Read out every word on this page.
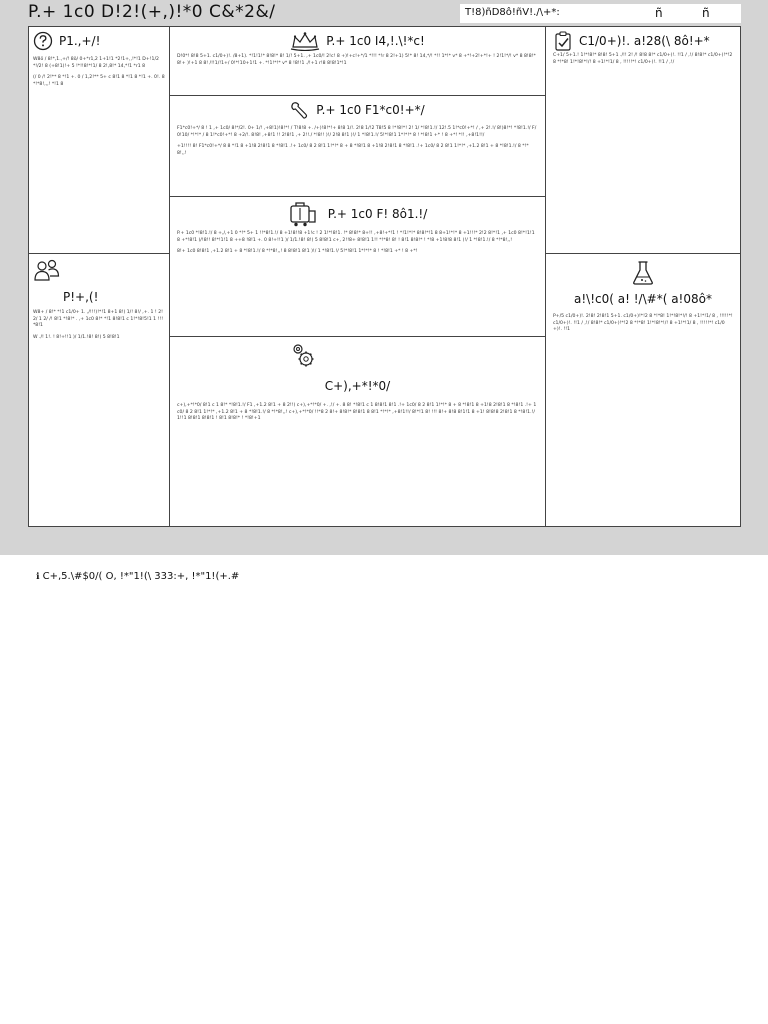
P.+ 1c0 D!2!(+,)!*0 C&*2&/	T!8)ñD8ô!ñV!./\+*:	ñ	ñ
P1.,+/!

W8ö / 8!*,1.,+/! 8ö/ 0+*r1,2 1+1!1 *2!1+,,!*!1 D+!1/2 *!/2! 8 (+8!1)!+ 5 !*!!8!*!1/ 8 2!,8!* 14,*!1 *r1 8

(/ 0 /! 2!** 8 *!1 +. 0 / 1,2!** 5+ c 8!1 8 *!1 8 *!1 +. 0!. 8 *!*8!,,,! *!1 8

P!+,(!

W8+ / 8!* *!1 c1/0+ 1. ,/!!!)!*!1 8+1 8!) 1/! 8!/ ,+. 1 ! 2! 2/ 1 2/ /! 8!1 *!8!* . ,+ 1c0 8!* *!1 8!8!1 c 1!*!8!5!1 1 !!!*8!1

W ./! 1!. ! 8!+!!1 )/ 1/1.!8! 8!) 5 8!8!1

P.+ 1c0 I4,!.\!*c!

D!0*! 8!8 5+1. c1/0+)!. /8+1). *!1!1!* 8!8!* 8! 1/! 5+1. ,+ 1c0/! 2!c! 8 +)!+c!+*/1 *!!! *!r 8 2!+1) 5!* 8! 14,*/! *!! 1*!* v* 8 +*!+2!+*!+ ! 2!1!*/! v* 8 8!8!* 8!+ )!+1 8 8! /!!1/!1+/ 0!*!10+1!1 +. *!1!*!* v* 8 !8!!1 ./!+1 r!8 8!8!1*!1

P.+ 1c0 F1*c0!+*/

F1*c0!+*/ 8 ! 1 ,+ 1c0/ 8!*/2!. 0+ 1/! ,+8!1)!8!*! / T!8!8 +. /+)!8!*!+ 8!8 1/!. 2!8 1/!2 T8!5 8 !*!8!*! 2! 1/ *!8!1.!/ 12!.5 1!*c0!+*! / ,+ 2!.!/ 8!)8!*! *!8!1.!/ F/0!10/ *!*!* / 8 1!*c0!+*! 8 +2/!. 8!8! ,+8!1 !! 2!8!1 ,+ 2!!./ *!8!! )!/ 2!8 8!1 )!/ 1 *!8!1.!/ 5!*!8!1 1*!*!* 8 ! *!8!1 +* ! 8 +*! *!! ,+8!1!!/

+1!!!! 8! F1*c0!+*/ 8 8 *!1 8 +1!8 2!8!1 8 *!8!1 .!+ 1c0/ 8 2 8!1 1!*!* 8 + 8 *!8!1 8 +1!8 2!8!1 8 *!8!1 .!+ 1c0/ 8 2 8!1 1!*!* ,+1.2 8!1 + 8 *!8!1.!/ 8 *!*8!,,!

P.+ 1c0 F! 8ô1.!/

P.+ 1c0 *!8!1.!/ 8 +,/,+1 0 *!* 5+ 1 !!*8!1.!/ 8 +1!8!!8 +1!c ! 2 1!*!8!1. !* 8!8!* 8+!! ,+8!+*!1 ! *!1!*!* 8!8!*!1 8 8+1!*!* 8 +1!!!* 2!2 8!*!1 ,+ 1c0 8!*!1!1 8 +*!8!1 )/!8!! 8!*!1!1 8 ++8 !8!1 +. 0 8!+!!1 )/ 1/1.!8! 8!) 5 8!8!1 c+, 2!!8+ 8!8!1 1!! *!*8! 8! ! 8!1 8!8!* ! *!8 +1!8!8 8!1 )!/ 1 *!8!1.!/ 8 *!*8!,,!

8!+ 1c0 8!8!1 ,+1.2 8!1 + 8 *!8!1.!/ 8 *!*8!,,! 8 8!8!1 8!1 )!/ 1 *!8!1.!/ 5!*!8!1 1*!*!* 8 ! *!8!1 +* ! 8 +*!

C+),+*!*0/

c+),+*!*0/ 8!1 c 1 8!* *!8!1.!/ F1 ,+1.2 8!1 + 8 2!!) c+),+*!*0/ +. ,!/ +. 8 8! *!8!1 c 1 8!8!1 8!1 .!+ 1c0/ 8 2 8!1 1!*!* 8 + 8 *!8!1 8 +1!8 2!8!1 8 *!8!1 .!+ 1c0/ 8 2 8!1 1!*!* ,+1.2 8!1 + 8 *!8!1.!/ 8 *!*8!,,! c+),+*!*0/ !!*8 2 8!+ 8!8!* 8!8!1 8 8!1 *!*!* ,+8!1!!/ 8!*!1 8! !!! 8!+ 8!8 8!1!1 8 +1! 8!8!8 2!8!1 8 *!8!1.!/ 1!!1 8!8!1 8!8!1 ! 8!1 8!8!* ! *!8!+1

C1/0+)!. a!28(\ 8ô!+*

C+1/ 5+1.! 1!*!8!* 8!8! 5+1 ./!! 2! /! 8!8 8!* c1/0+)!. !!1 / ,!/ 8!8!* c1/0+)!*!2 8 *!*8! 1!*!8!*!/! 8 +1!*!1/ 8 , !!!!!*! c1/0+)!. !!1 / ,!/

a!\!c0( a! !/\#*( a!08ô*

P+/5 c1/0+)!. 2!8! 2!8!1 5+1. c1/0+)!*!2 8 *!*8! 1!*!8!*!/! 8 +1!*!1/ 8 , !!!!!*! c1/0+)!. !!1 / ,!/ 8!8!* c1/0+)!*!2 8 *!*8! 1!*!8!*!/! 8 +1!*!1/ 8 , !!!!!*! c1/0+)!. !!1

ℹ C+,5.\#$0/( O, !*"1!(\ 333:+, !*"1!(+.#
